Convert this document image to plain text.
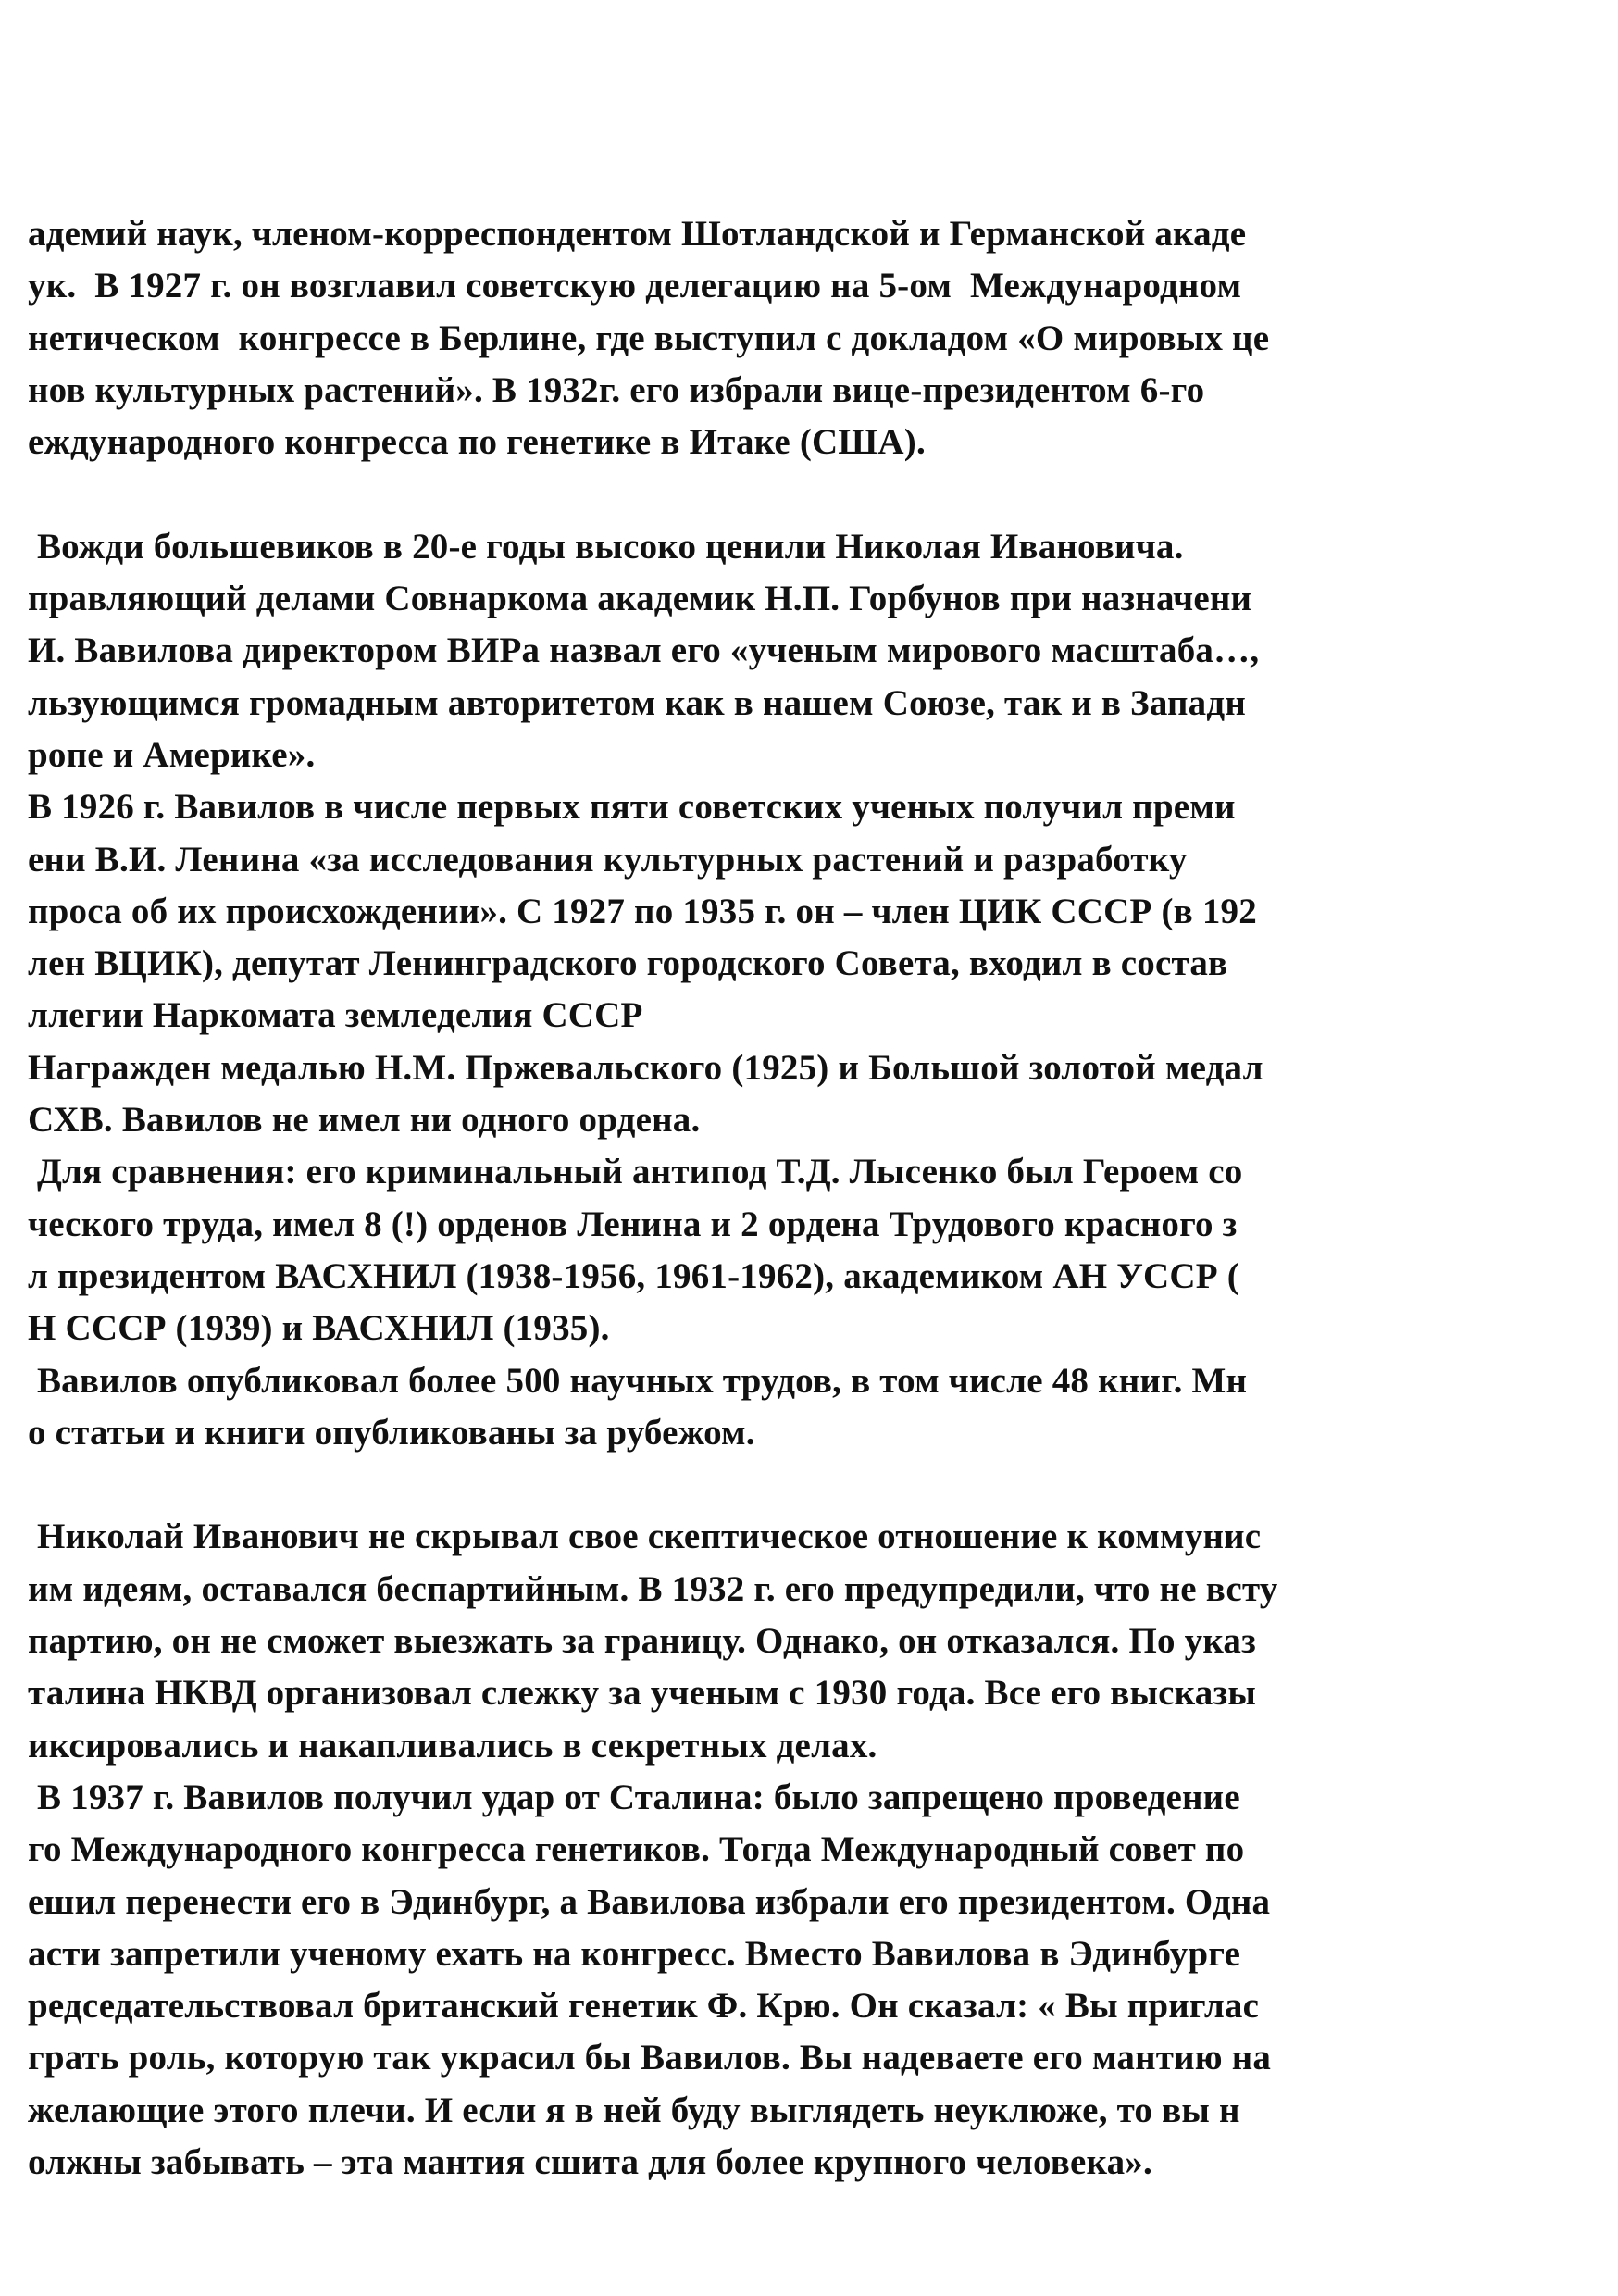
адемий наук, членом-корреспондентом Шотландской и Германской акаде
ук.  В 1927 г. он возглавил советскую делегацию на 5-ом  Международном
нетическом  конгрессе в Берлине, где выступил с докладом «О мировых це
нов культурных растений». В 1932г. его избрали вице-президентом 6-го
еждународного конгресса по генетике в Итаке (США).
Вожди большевиков в 20-е годы высоко ценили Николая Ивановича.
правляющий делами Совнаркома академик Н.П. Горбунов при назначени
И. Вавилова директором ВИРа назвал его «ученым мирового масштаба…,
льзующимся громадным авторитетом как в нашем Союзе, так и в Западн
ропе и Америке».
В 1926 г. Вавилов в числе первых пяти советских ученых получил преми
ени В.И. Ленина «за исследования культурных растений и разработку
проса об их происхождении». С 1927 по 1935 г. он – член ЦИК СССР (в 192
лен ВЦИК), депутат Ленинградского городского Совета, входил в состав
ллегии Наркомата земледелия СССР
Награжден медалью Н.М. Пржевальского (1925) и Большой золотой медал
СХВ. Вавилов не имел ни одного ордена.
Для сравнения: его криминальный антипод Т.Д. Лысенко был Героем со
ческого труда, имел 8 (!) орденов Ленина и 2 ордена Трудового красного з
л президентом ВАСХНИЛ (1938-1956, 1961-1962), академиком АН УССР (
Н СССР (1939) и ВАСХНИЛ (1935).
Вавилов опубликовал более 500 научных трудов, в том числе 48 книг. Мн
о статьи и книги опубликованы за рубежом.
Николай Иванович не скрывал свое скептическое отношение к коммунис
им идеям, оставался беспартийным. В 1932 г. его предупредили, что не всту
партию, он не сможет выезжать за границу. Однако, он отказался. По указ
талина НКВД организовал слежку за ученым с 1930 года. Все его высказы
иксировались и накапливались в секретных делах.
В 1937 г. Вавилов получил удар от Сталина: было запрещено проведение
го Международного конгресса генетиков. Тогда Международный совет по
ешил перенести его в Эдинбург, а Вавилова избрали его президентом. Одна
асти запретили ученому ехать на конгресс. Вместо Вавилова в Эдинбурге
редседательствовал британский генетик Ф. Крю. Он сказал: « Вы приглас
грать роль, которую так украсил бы Вавилов. Вы надеваете его мантию на
желающие этого плечи. И если я в ней буду выглядеть неуклюже, то вы н
олжны забывать – эта мантия сшита для более крупного человека».
